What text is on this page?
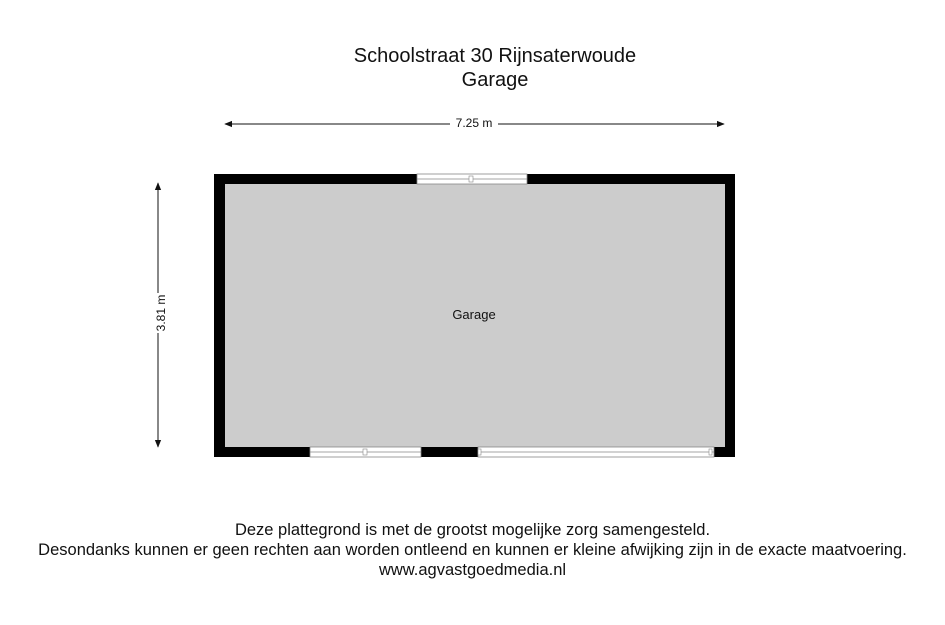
Schoolstraat 30 Rijnsaterwoude
Garage
7.25 m
3.81 m	Garage
Deze plattegrond is met de grootst mogelijke zorg samengesteld.
Desondanks kunnen er geen rechten aan worden ontleend en kunnen er kleine afwijking zijn in de exacte maatvoering.
www.agvastgoedmedia.nl
